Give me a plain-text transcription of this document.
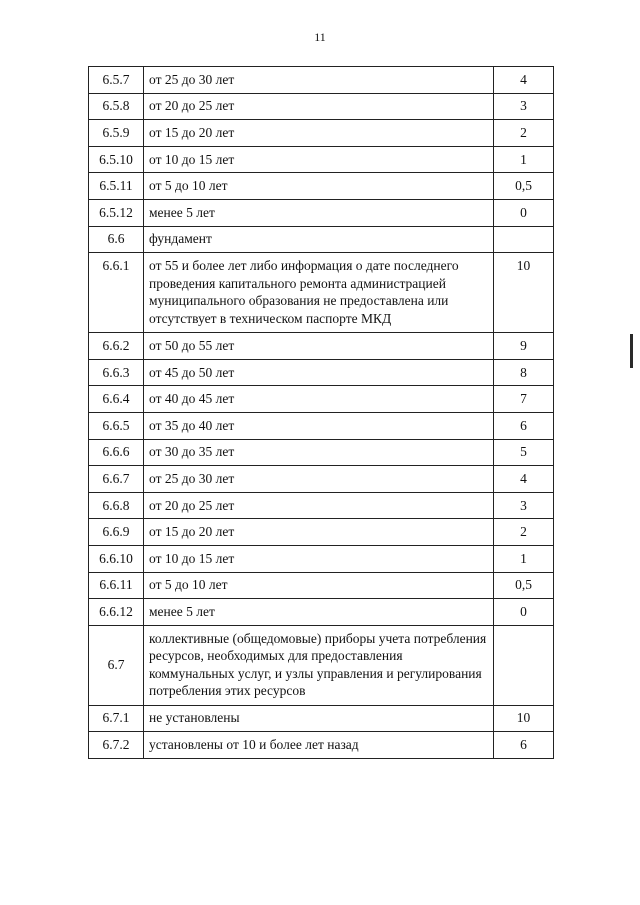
11
6.5.7	от 25 до 30 лет	4
6.5.8	от 20 до 25 лет	3
6.5.9	от 15 до 20 лет	2
6.5.10	от 10 до 15 лет	1
6.5.11	от 5 до 10 лет	0,5
6.5.12	менее 5 лет	0
6.6	фундамент	
6.6.1	от 55 и более лет либо информация о дате последнего проведения капитального ремонта администрацией муниципального образования не предоставлена или отсутствует в техническом паспорте МКД	10
6.6.2	от 50 до 55 лет	9
6.6.3	от 45 до 50 лет	8
6.6.4	от 40 до 45 лет	7
6.6.5	от 35 до 40 лет	6
6.6.6	от 30 до 35 лет	5
6.6.7	от 25 до 30 лет	4
6.6.8	от 20 до 25 лет	3
6.6.9	от 15 до 20 лет	2
6.6.10	от 10 до 15 лет	1
6.6.11	от 5 до 10 лет	0,5
6.6.12	менее 5 лет	0
6.7	коллективные (общедомовые) приборы учета потребления ресурсов, необходимых для предоставления коммунальных услуг, и узлы управления и регулирования потребления этих ресурсов	
6.7.1	не установлены	10
6.7.2	установлены от 10 и более лет назад	6
